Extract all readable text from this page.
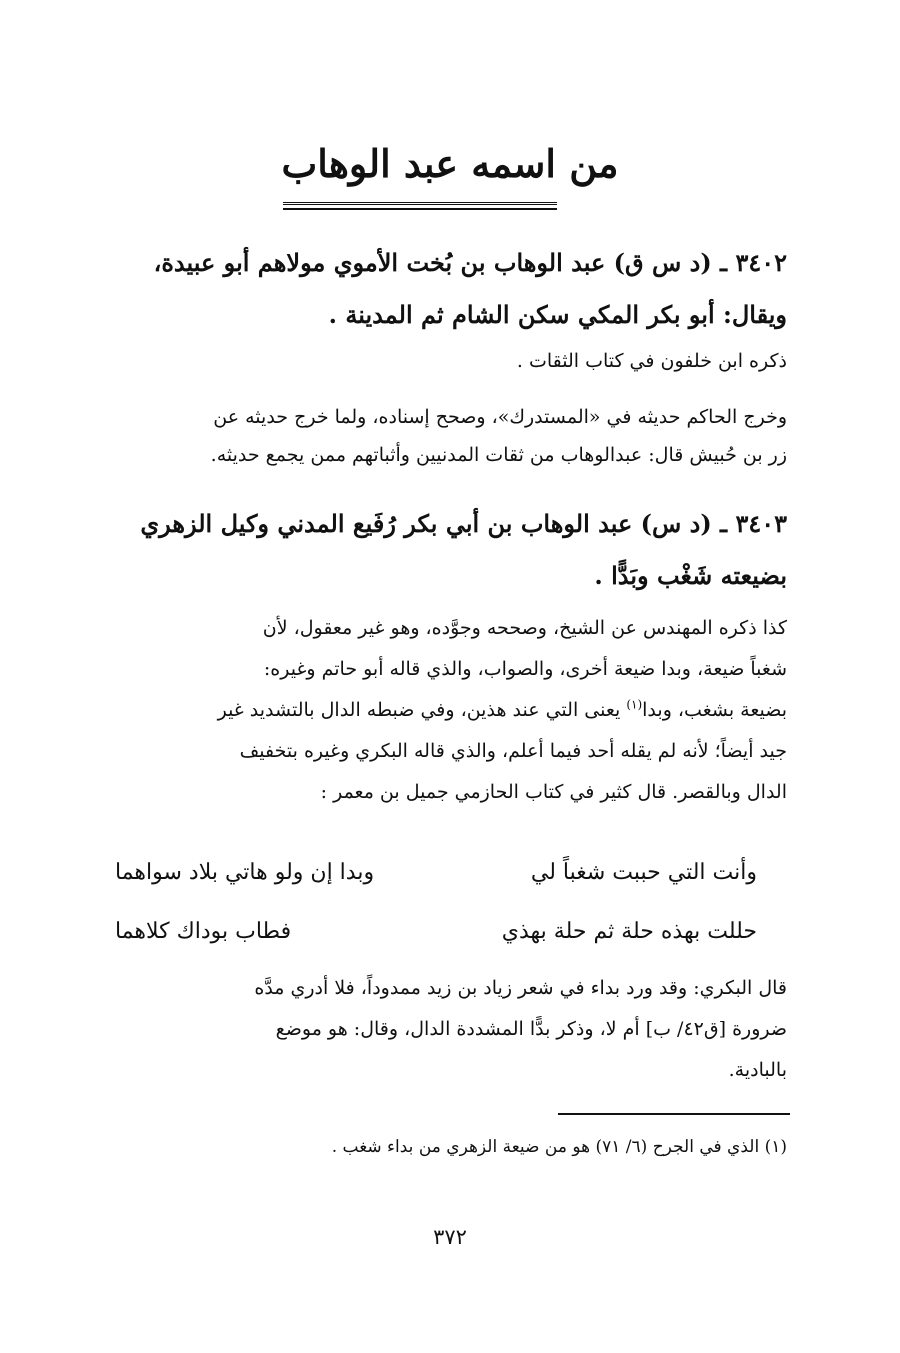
من اسمه عبد الوهاب
٣٤٠٢ ـ (د س ق) عبد الوهاب بن بُخت الأموي مولاهم أبو عبيدة،
ويقال: أبو بكر المكي سكن الشام ثم المدينة .
ذكره ابن خلفون في كتاب الثقات .
وخرج الحاكم حديثه في «المستدرك»، وصحح إسناده، ولما خرج حديثه عن
زر بن حُبيش قال: عبدالوهاب من ثقات المدنيين وأثباتهم ممن يجمع حديثه.
٣٤٠٣ ـ (د س) عبد الوهاب بن أبي بكر رُفَيع المدني وكيل الزهري
بضيعته شَغْب وبَدًّا .
كذا ذكره المهندس عن الشيخ، وصححه وجوَّده، وهو غير معقول، لأن
شغباً ضيعة، وبدا ضيعة أخرى، والصواب، والذي قاله أبو حاتم وغيره:
بضيعة بشغب، وبدا$^{(١)}$ يعنى التي عند هذين، وفي ضبطه الدال بالتشديد غير
جيد أيضاً؛ لأنه لم يقله أحد فيما أعلم، والذي قاله البكري وغيره بتخفيف
الدال وبالقصر. قال كثير في كتاب الحازمي جميل بن معمر :
وأنت التي حببت شغباً لي
وبدا إن ولو هاتي بلاد سواهما
حللت بهذه حلة ثم حلة بهذي
فطاب بوداك كلاهما
قال البكري: وقد ورد بداء في شعر زياد بن زيد ممدوداً، فلا أدري مدَّه
ضرورة [ق٤٢/ ب] أم لا، وذكر بدًّا المشددة الدال، وقال: هو موضع
بالبادية.
(١) الذي في الجرح (٦/ ٧١) هو من ضيعة الزهري من بداء شغب .
٣٧٢
